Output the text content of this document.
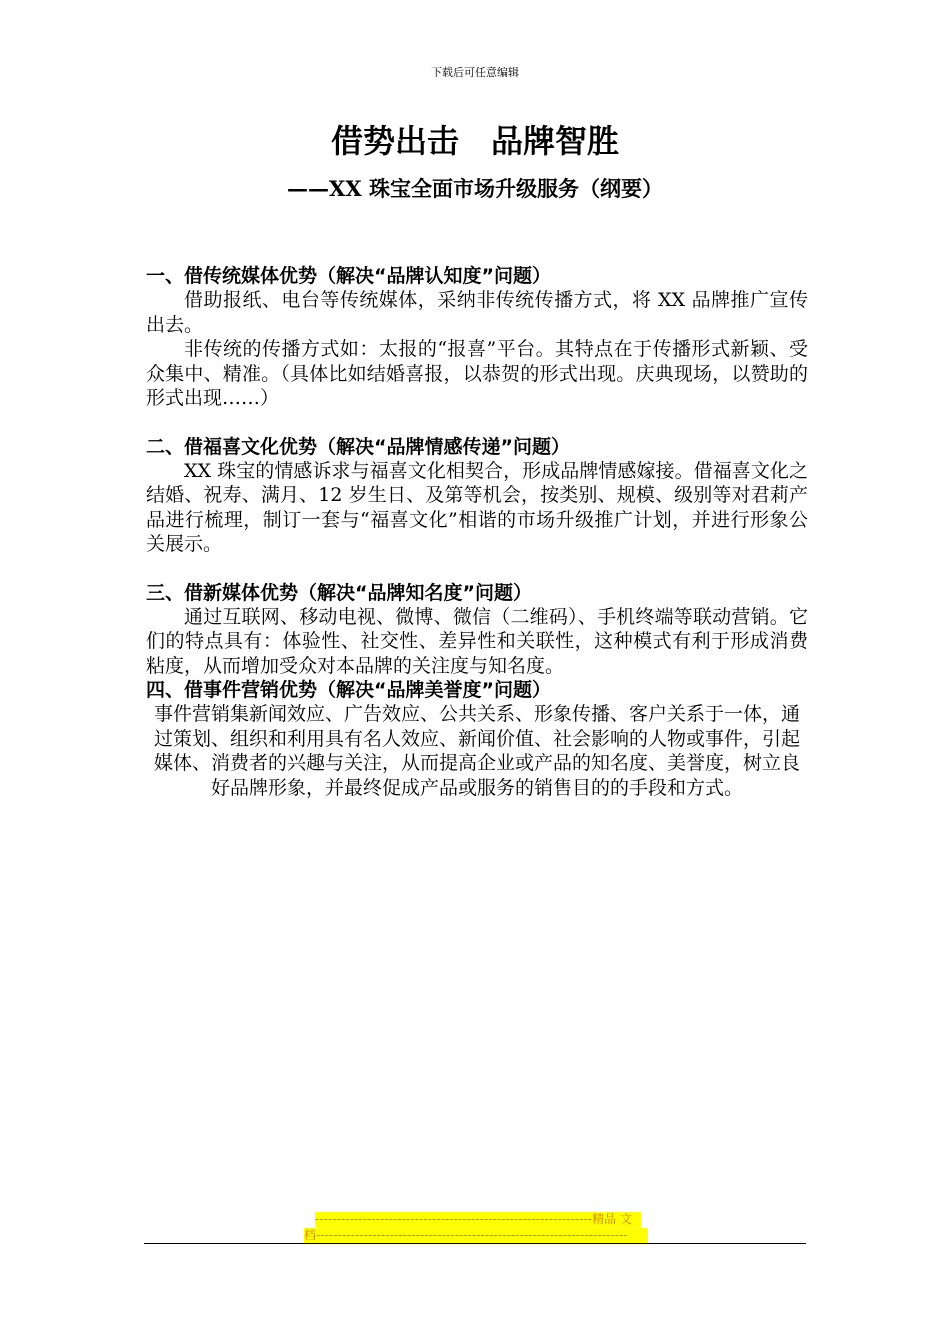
下载后可任意编辑
借势出击　品牌智胜
——XX 珠宝全面市场升级服务（纲要）

一、借传统媒体优势（解决“品牌认知度”问题）

借助报纸、电台等传统媒体，采纳非传统传播方式，将 XX 品牌推广宣传出去。

非传统的传播方式如：太报的“报喜”平台。其特点在于传播形式新颖、受众集中、精准。（具体比如结婚喜报，以恭贺的形式出现。庆典现场，以赞助的形式出现……）

二、借福喜文化优势（解决“品牌情感传递”问题）

XX 珠宝的情感诉求与福喜文化相契合，形成品牌情感嫁接。借福喜文化之结婚、祝寿、满月、12 岁生日、及第等机会，按类别、规模、级别等对君莉产品进行梳理，制订一套与“福喜文化”相谐的市场升级推广计划，并进行形象公关展示。

三、借新媒体优势（解决“品牌知名度”问题）

通过互联网、移动电视、微博、微信（二维码）、手机终端等联动营销。它们的特点具有：体验性、社交性、差异性和关联性，这种模式有利于形成消费粘度，从而增加受众对本品牌的关注度与知名度。

四、借事件营销优势（解决“品牌美誉度”问题）

事件营销集新闻效应、广告效应、公共关系、形象传播、客户关系于一体，通过策划、组织和利用具有名人效应、新闻价值、社会影响的人物或事件，引起媒体、消费者的兴趣与关注，从而提高企业或产品的知名度、美誉度，树立良好品牌形象，并最终促成产品或服务的销售目的的手段和方式。

----------------------------------------------------------------精品 文
档------------------------------------------------------------------------
